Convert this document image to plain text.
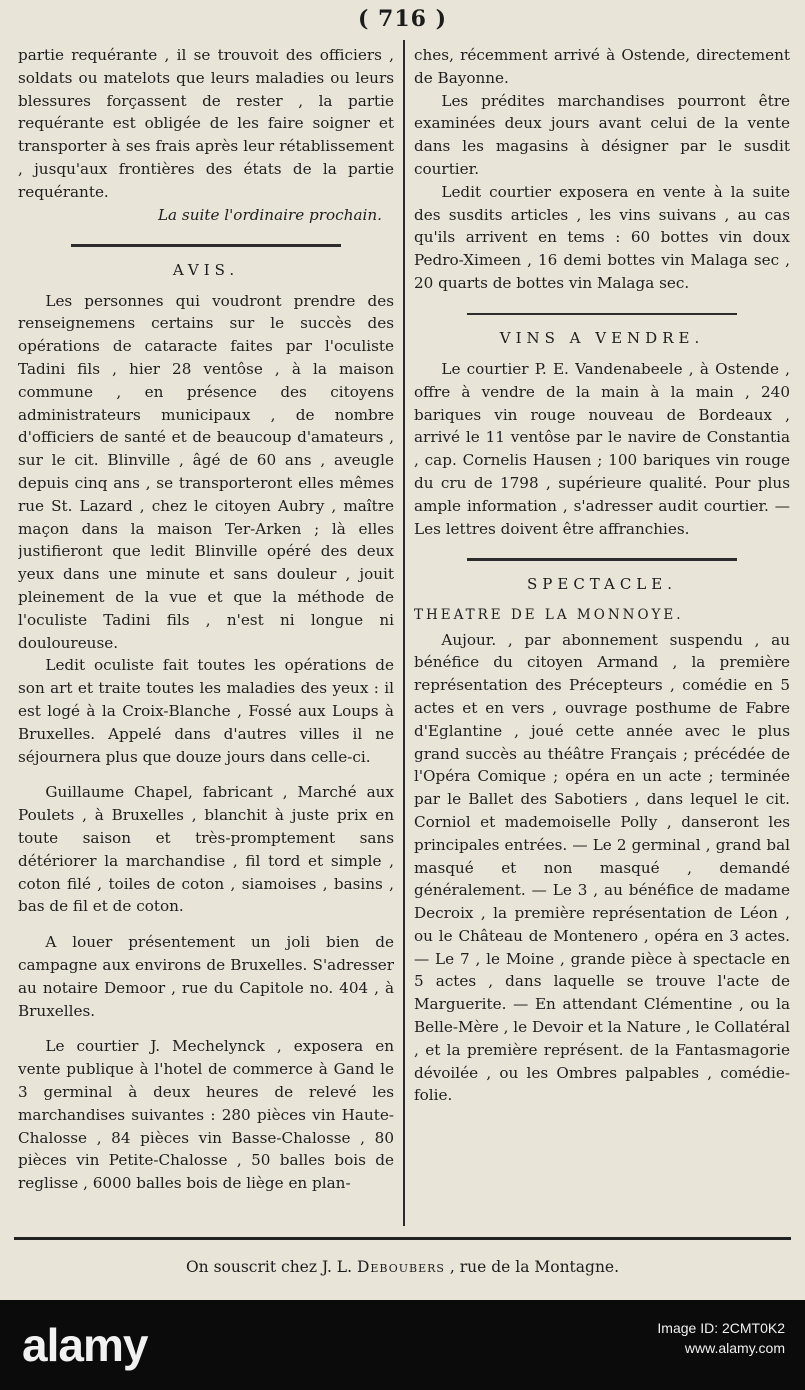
( 716 )

partie requérante , il se trouvoit des officiers , soldats ou matelots que leurs maladies ou leurs blessures forçassent de rester , la partie requérante est obligée de les faire soigner et transporter à ses frais après leur rétablissement , jusqu'aux frontières des états de la partie requérante.

La suite l'ordinaire prochain.

AVIS.

Les personnes qui voudront prendre des renseignemens certains sur le succès des opérations de cataracte faites par l'oculiste Tadini fils , hier 28 ventôse , à la maison commune , en présence des citoyens administrateurs municipaux , de nombre d'officiers de santé et de beaucoup d'amateurs , sur le cit. Blinville , âgé de 60 ans , aveugle depuis cinq ans , se transporteront elles mêmes rue St. Lazard , chez le citoyen Aubry , maître maçon dans la maison Ter-Arken ; là elles justifieront que ledit Blinville opéré des deux yeux dans une minute et sans douleur , jouit pleinement de la vue et que la méthode de l'oculiste Tadini fils , n'est ni longue ni douloureuse.

Ledit oculiste fait toutes les opérations de son art et traite toutes les maladies des yeux : il est logé à la Croix-Blanche , Fossé aux Loups à Bruxelles. Appelé dans d'autres villes il ne séjournera plus que douze jours dans celle-ci.

Guillaume Chapel, fabricant , Marché aux Poulets , à Bruxelles , blanchit à juste prix en toute saison et très-promptement sans détériorer la marchandise , fil tord et simple , coton filé , toiles de coton , siamoises , basins , bas de fil et de coton.

A louer présentement un joli bien de campagne aux environs de Bruxelles. S'adresser au notaire Demoor , rue du Capitole no. 404 , à Bruxelles.

Le courtier J. Mechelynck , exposera en vente publique à l'hotel de commerce à Gand le 3 germinal à deux heures de relevé les marchandises suivantes : 280 pièces vin Haute-Chalosse , 84 pièces vin Basse-Chalosse , 80 pièces vin Petite-Chalosse , 50 balles bois de reglisse , 6000 balles bois de liège en plan-

ches, récemment arrivé à Ostende, directement de Bayonne.

Les prédites marchandises pourront être examinées deux jours avant celui de la vente dans les magasins à désigner par le susdit courtier.

Ledit courtier exposera en vente à la suite des susdits articles , les vins suivans , au cas qu'ils arrivent en tems : 60 bottes vin doux Pedro-Ximeen , 16 demi bottes vin Malaga sec , 20 quarts de bottes vin Malaga sec.

VINS A VENDRE.

Le courtier P. E. Vandenabeele , à Ostende , offre à vendre de la main à la main , 240 bariques vin rouge nouveau de Bordeaux , arrivé le 11 ventôse par le navire de Constantia , cap. Cornelis Hausen ; 100 bariques vin rouge du cru de 1798 , supérieure qualité. Pour plus ample information , s'adresser audit courtier. — Les lettres doivent être affranchies.

SPECTACLE.

THEATRE DE LA MONNOYE.

Aujour. , par abonnement suspendu , au bénéfice du citoyen Armand , la première représentation des Précepteurs , comédie en 5 actes et en vers , ouvrage posthume de Fabre d'Eglantine , joué cette année avec le plus grand succès au théâtre Français ; précédée de l'Opéra Comique ; opéra en un acte ; terminée par le Ballet des Sabotiers , dans lequel le cit. Corniol et mademoiselle Polly , danseront les principales entrées. — Le 2 germinal , grand bal masqué et non masqué , demandé généralement. — Le 3 , au bénéfice de madame Decroix , la première représentation de Léon , ou le Château de Montenero , opéra en 3 actes. — Le 7 , le Moine , grande pièce à spectacle en 5 actes , dans laquelle se trouve l'acte de Marguerite. — En attendant Clémentine , ou la Belle-Mère , le Devoir et la Nature , le Collatéral , et la première représent. de la Fantasmagorie dévoilée , ou les Ombres palpables , comédie-folie.

On souscrit chez J. L. Deboubers , rue de la Montagne.
alamy	Image ID: 2CMT0K2
www.alamy.com
